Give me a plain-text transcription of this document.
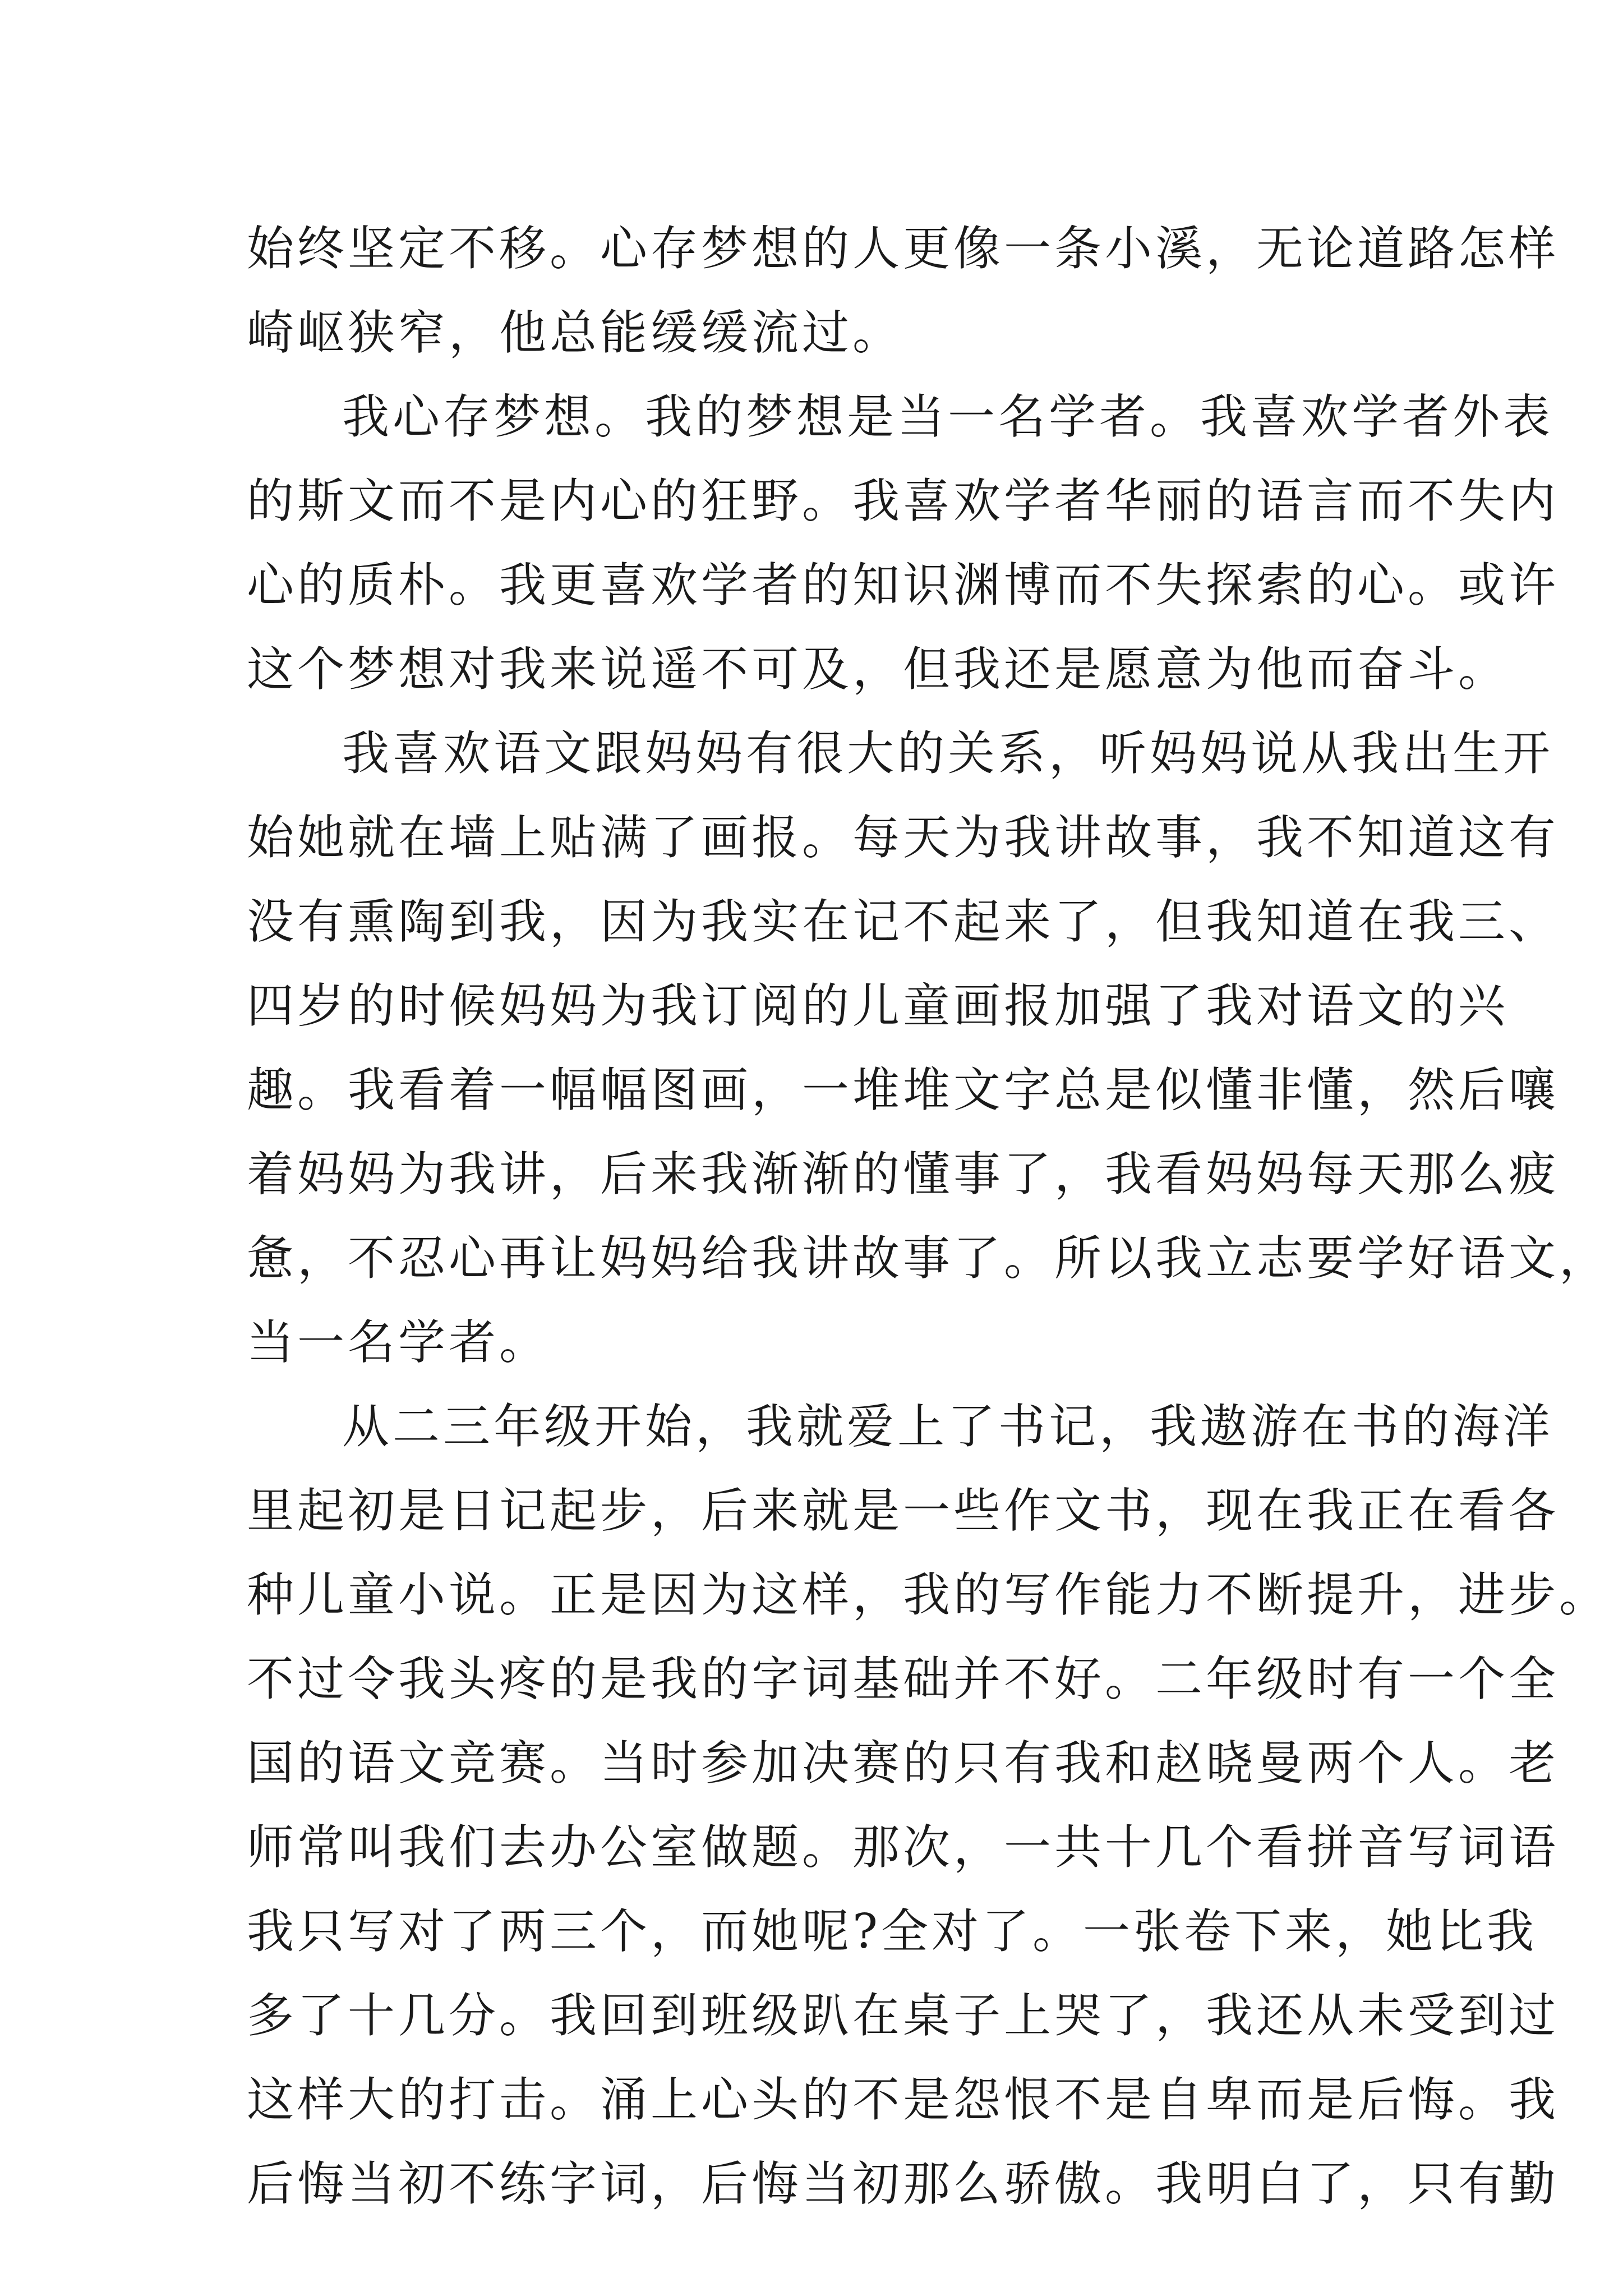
始终坚定不移。心存梦想的人更像一条小溪，无论道路怎样
崎岖狭窄，他总能缓缓流过。
我心存梦想。我的梦想是当一名学者。我喜欢学者外表
的斯文而不是内心的狂野。我喜欢学者华丽的语言而不失内
心的质朴。我更喜欢学者的知识渊博而不失探索的心。或许
这个梦想对我来说遥不可及，但我还是愿意为他而奋斗。
我喜欢语文跟妈妈有很大的关系，听妈妈说从我出生开
始她就在墙上贴满了画报。每天为我讲故事，我不知道这有
没有熏陶到我，因为我实在记不起来了，但我知道在我三、
四岁的时候妈妈为我订阅的儿童画报加强了我对语文的兴
趣。我看着一幅幅图画，一堆堆文字总是似懂非懂，然后嚷
着妈妈为我讲，后来我渐渐的懂事了，我看妈妈每天那么疲
惫，不忍心再让妈妈给我讲故事了。所以我立志要学好语文，
当一名学者。
从二三年级开始，我就爱上了书记，我遨游在书的海洋
里起初是日记起步，后来就是一些作文书，现在我正在看各
种儿童小说。正是因为这样，我的写作能力不断提升，进步。
不过令我头疼的是我的字词基础并不好。二年级时有一个全
国的语文竞赛。当时参加决赛的只有我和赵晓曼两个人。老
师常叫我们去办公室做题。那次，一共十几个看拼音写词语
我只写对了两三个，而她呢?全对了。一张卷下来，她比我
多了十几分。我回到班级趴在桌子上哭了，我还从未受到过
这样大的打击。涌上心头的不是怨恨不是自卑而是后悔。我
后悔当初不练字词，后悔当初那么骄傲。我明白了，只有勤
